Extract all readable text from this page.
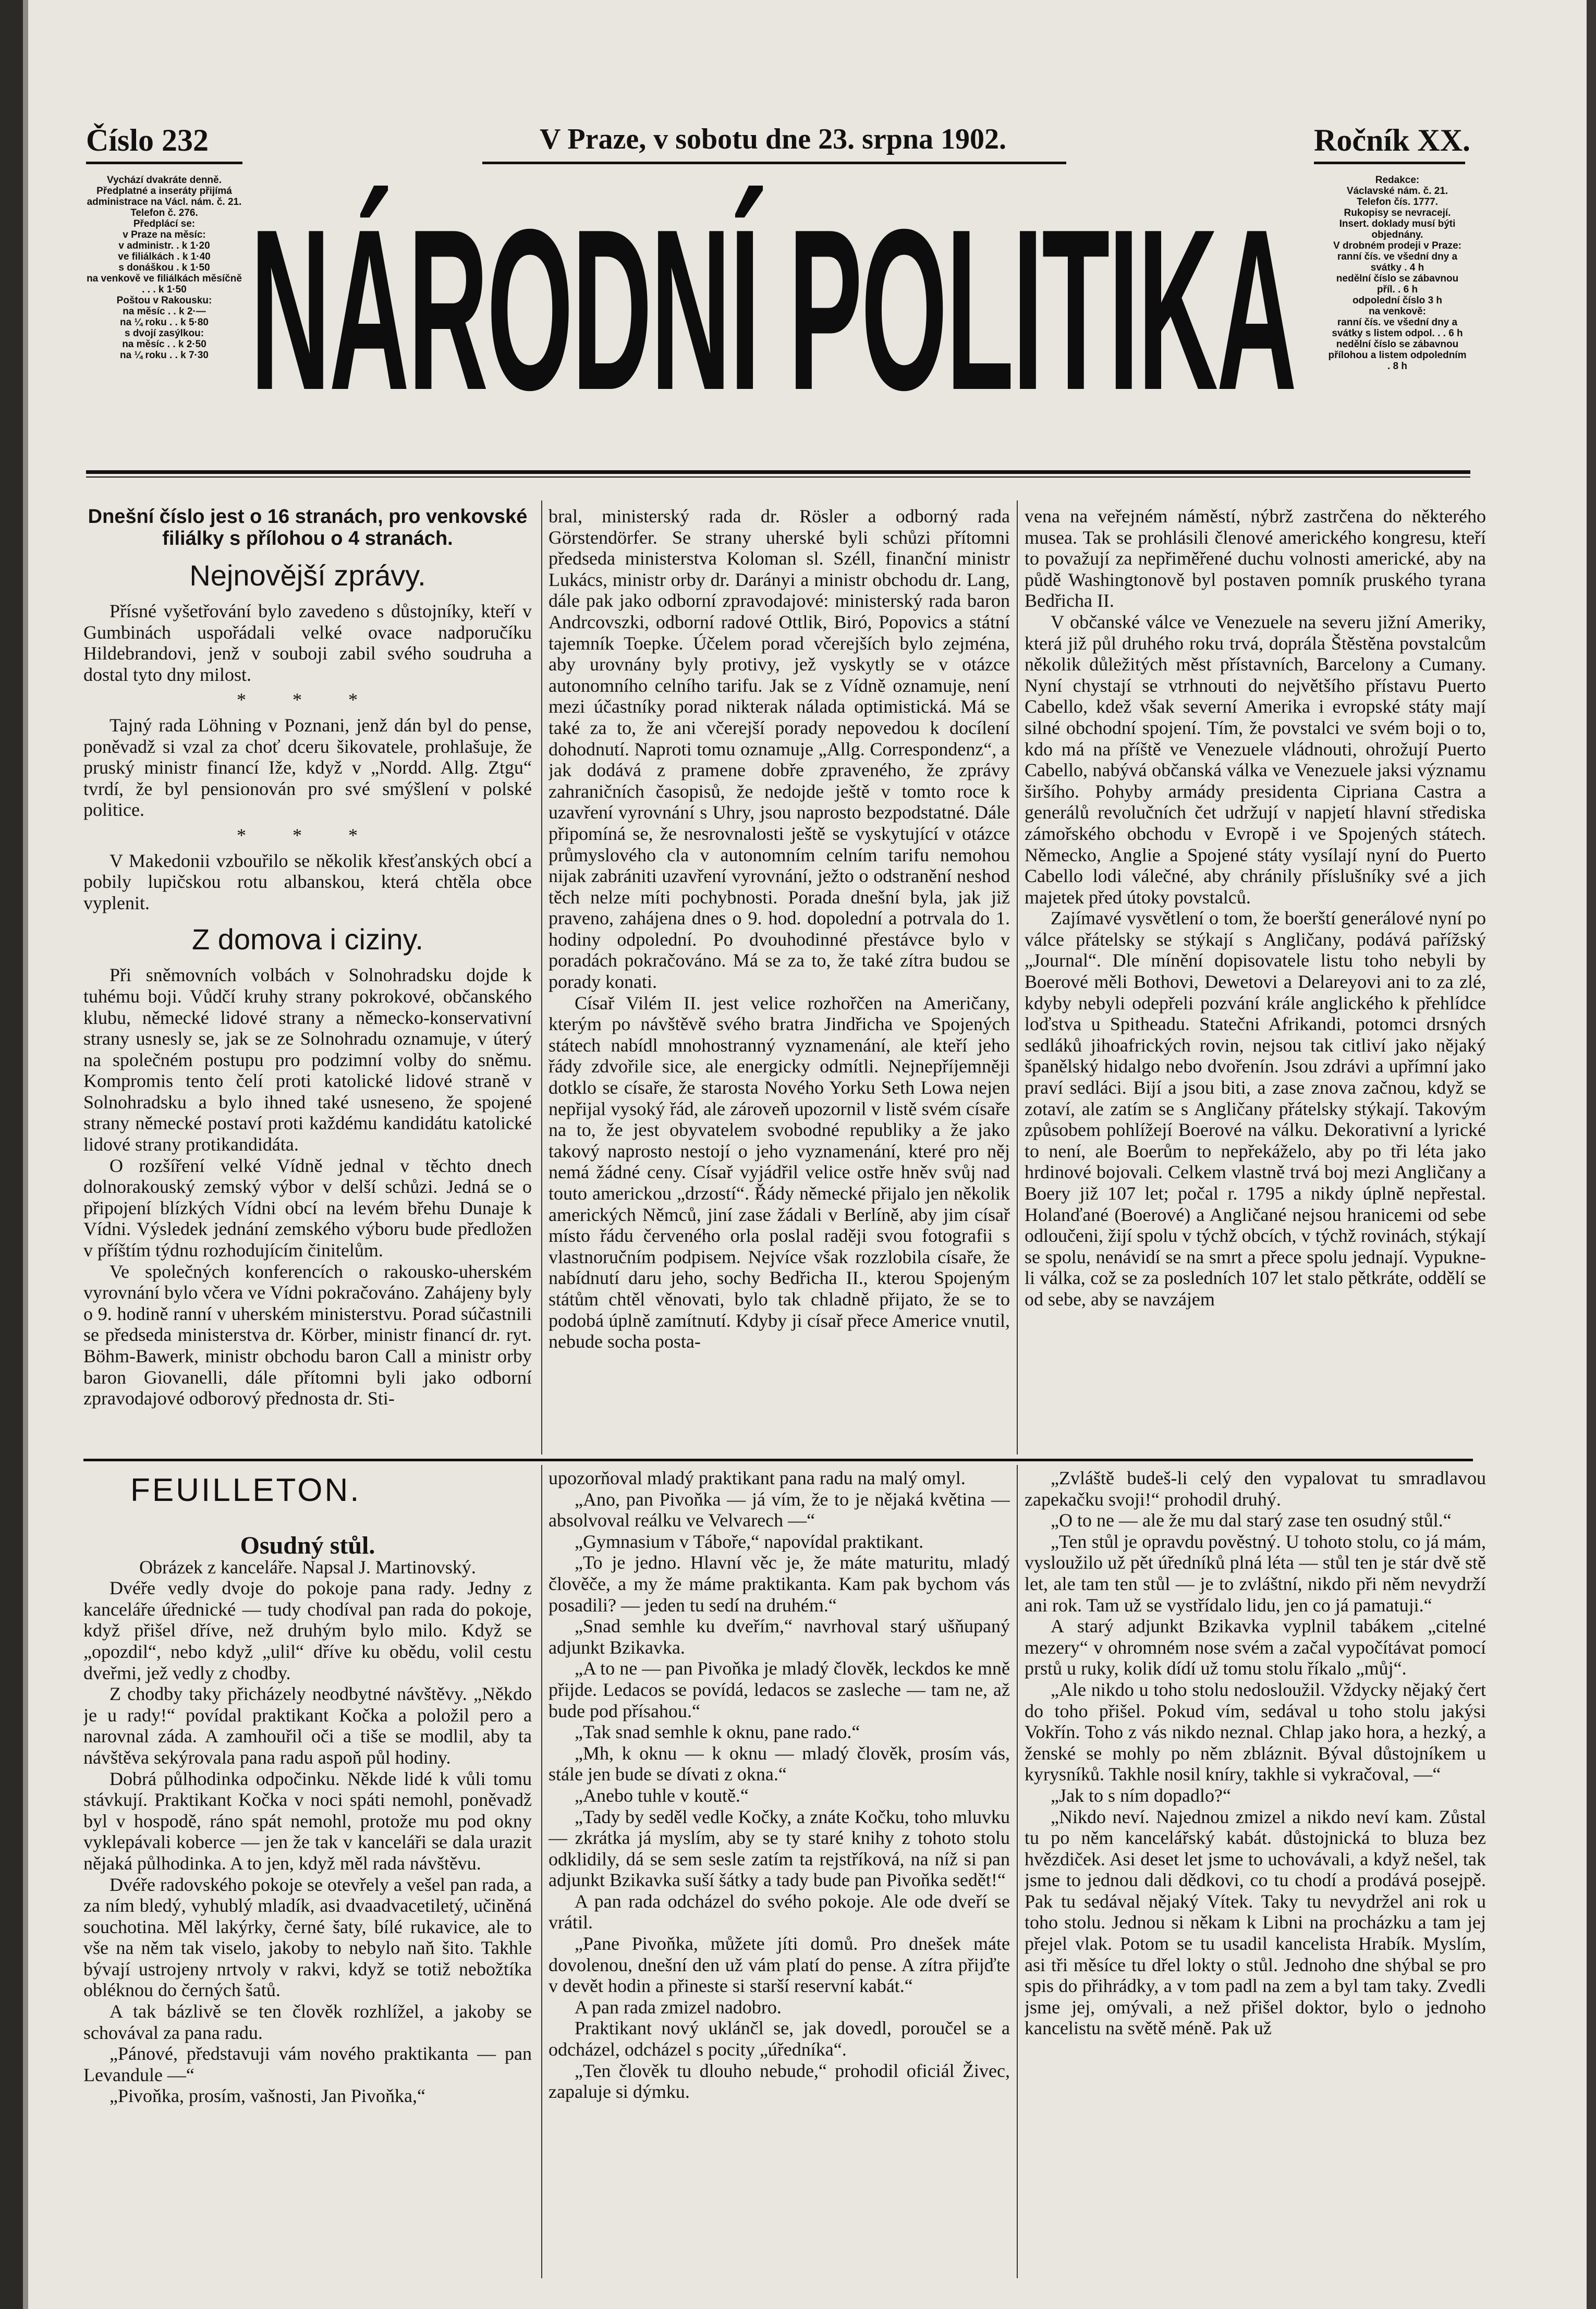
Číslo 232	V Praze, v sobotu dne 23. srpna 1902.	Ročník XX.

Vychází dvakráte denně.

Předplatné a inseráty přijímá administrace na Václ. nám. č. 21. Telefon č. 276.

Předplácí se:

v Praze na měsíc:

v administr. . k 1·20

ve filiálkách . k 1·40

s donáškou . k 1·50

na venkově ve filiálkách měsíčně . . . k 1·50

Poštou v Rakousku:

na měsíc . . k 2·—

na ¼ roku . . k 5·80

s dvojí zasýlkou:

na měsíc . . k 2·50

na ¼ roku . . k 7·30 NÁRODNÍ POLITIKA

Redakce:

Václavské nám. č. 21.

Telefon čís. 1777.

Rukopisy se nevracejí.

Insert. doklady musí býti objednány.

V drobném prodeji v Praze:

ranní čís. ve všední dny a svátky . 4 h

nedělní číslo se zábavnou příl. . 6 h

odpolední číslo 3 h

na venkově:

ranní čís. ve všední dny a svátky s listem odpol. . . 6 h

nedělní číslo se zábavnou přílohou a listem odpoledním . 8 h

Dnešní číslo jest o 16 stranách, pro venkovské filiálky s přílohou o 4 stranách.

Nejnovější zprávy.

Přísné vyšetřování bylo zavedeno s důstojníky, kteří v Gumbinách uspořádali velké ovace nadporučíku Hildebrandovi, jenž v souboji zabil svého soudruha a dostal tyto dny milost.

* * *

Tajný rada Löhning v Poznani, jenž dán byl do pense, poněvadž si vzal za choť dceru šikovatele, prohlašuje, že pruský ministr financí Iže, když v „Nordd. Allg. Ztgu“ tvrdí, že byl pensionován pro své smýšlení v polské politice.

* * *

V Makedonii vzbouřilo se několik křesťanských obcí a pobily lupičskou rotu albanskou, která chtěla obce vyplenit.

Z domova i ciziny.

Při sněmovních volbách v Solnohradsku dojde k tuhému boji. Vůdčí kruhy strany pokrokové, občanského klubu, německé lidové strany a německo-konservativní strany usnesly se, jak se ze Solnohradu oznamuje, v úterý na společném postupu pro podzimní volby do sněmu. Kompromis tento čelí proti katolické lidové straně v Solnohradsku a bylo ihned také usneseno, že spojené strany německé postaví proti každému kandidátu katolické lidové strany protikandidáta.

O rozšíření velké Vídně jednal v těchto dnech dolnorakouský zemský výbor v delší schůzi. Jedná se o připojení blízkých Vídni obcí na levém břehu Dunaje k Vídni. Výsledek jednání zemského výboru bude předložen v příštím týdnu rozhodujícím činitelům.

Ve společných konferencích o rakousko-uherském vyrovnání bylo včera ve Vídni pokračováno. Zahájeny byly o 9. hodině ranní v uherském ministerstvu. Porad súčastnili se předseda ministerstva dr. Körber, ministr financí dr. ryt. Böhm-Bawerk, ministr obchodu baron Call a ministr orby baron Giovanelli, dále přítomni byli jako odborní zpravodajové odborový přednosta dr. Sti-

bral, ministerský rada dr. Rösler a odborný rada Görstendörfer. Se strany uherské byli schůzi přítomni předseda ministerstva Koloman sl. Széll, finanční ministr Lukács, ministr orby dr. Darányi a ministr obchodu dr. Lang, dále pak jako odborní zpravodajové: ministerský rada baron Andrcovszki, odborní radové Ottlik, Biró, Popovics a státní tajemník Toepke. Účelem porad včerejších bylo zejména, aby urovnány byly protivy, jež vyskytly se v otázce autonomního celního tarifu. Jak se z Vídně oznamuje, není mezi účastníky porad nikterak nálada optimistická. Má se také za to, že ani včerejší porady nepovedou k docílení dohodnutí. Naproti tomu oznamuje „Allg. Correspondenz“, a jak dodává z pramene dobře zpraveného, že zprávy zahraničních časopisů, že nedojde ještě v tomto roce k uzavření vyrovnání s Uhry, jsou naprosto bezpodstatné. Dále připomíná se, že nesrovnalosti ještě se vyskytující v otázce průmyslového cla v autonomním celním tarifu nemohou nijak zabrániti uzavření vyrovnání, ježto o odstranění neshod těch nelze míti pochybnosti. Porada dnešní byla, jak již praveno, zahájena dnes o 9. hod. dopolední a potrvala do 1. hodiny odpolední. Po dvouhodinné přestávce bylo v poradách pokračováno. Má se za to, že také zítra budou se porady konati.

Císař Vilém II. jest velice rozhořčen na Američany, kterým po návštěvě svého bratra Jindřicha ve Spojených státech nabídl mnohostranný vyznamenání, ale kteří jeho řády zdvořile sice, ale energicky odmítli. Nejnepříjemněji dotklo se císaře, že starosta Nového Yorku Seth Lowa nejen nepřijal vysoký řád, ale zároveň upozornil v listě svém císaře na to, že jest obyvatelem svobodné republiky a že jako takový naprosto nestojí o jeho vyznamenání, které pro něj nemá žádné ceny. Císař vyjádřil velice ostře hněv svůj nad touto americkou „drzostí“. Řády německé přijalo jen několik amerických Němců, jiní zase žádali v Berlíně, aby jim císař místo řádu červeného orla poslal raději svou fotografii s vlastnoručním podpisem. Nejvíce však rozzlobila císaře, že nabídnutí daru jeho, sochy Bedřicha II., kterou Spojeným státům chtěl věnovati, bylo tak chladně přijato, že se to podobá úplně zamítnutí. Kdyby ji císař přece Americe vnutil, nebude socha posta-

vena na veřejném náměstí, nýbrž zastrčena do některého musea. Tak se prohlásili členové amerického kongresu, kteří to považují za nepřiměřené duchu volnosti americké, aby na půdě Washingtonově byl postaven pomník pruského tyrana Bedřicha II.

V občanské válce ve Venezuele na severu jižní Ameriky, která již půl druhého roku trvá, doprála Štěstěna povstalcům několik důležitých měst přístavních, Barcelony a Cumany. Nyní chystají se vtrhnouti do největšího přístavu Puerto Cabello, kdež však severní Amerika i evropské státy mají silné obchodní spojení. Tím, že povstalci ve svém boji o to, kdo má na příště ve Venezuele vládnouti, ohrožují Puerto Cabello, nabývá občanská válka ve Venezuele jaksi významu širšího. Pohyby armády presidenta Cipriana Castra a generálů revolučních čet udržují v napjetí hlavní střediska zámořského obchodu v Evropě i ve Spojených státech. Německo, Anglie a Spojené státy vysílají nyní do Puerto Cabello lodi válečné, aby chránily příslušníky své a jich majetek před útoky povstalců.

Zajímavé vysvětlení o tom, že boerští generálové nyní po válce přátelsky se stýkají s Angličany, podává pařížský „Journal“. Dle mínění dopisovatele listu toho nebyli by Boerové měli Bothovi, Dewetovi a Delareyovi ani to za zlé, kdyby nebyli odepřeli pozvání krále anglického k přehlídce loďstva u Spitheadu. Statečni Afrikandi, potomci drsných sedláků jihoafrických rovin, nejsou tak citliví jako nějaký španělský hidalgo nebo dvořenín. Jsou zdrávi a upřímní jako praví sedláci. Bijí a jsou biti, a zase znova začnou, když se zotaví, ale zatím se s Angličany přátelsky stýkají. Takovým způsobem pohlížejí Boerové na válku. Dekorativní a lyrické to není, ale Boerům to nepřekáželo, aby po tři léta jako hrdinové bojovali. Celkem vlastně trvá boj mezi Angličany a Boery již 107 let; počal r. 1795 a nikdy úplně nepřestal. Holanďané (Boerové) a Angličané nejsou hranicemi od sebe odloučeni, žijí spolu v týchž obcích, v týchž rovinách, stýkají se spolu, nenávidí se na smrt a přece spolu jednají. Vypukne-li válka, což se za posledních 107 let stalo pětkráte, oddělí se od sebe, aby se navzájem

FEUILLETON.

Osudný stůl.

Obrázek z kanceláře. Napsal J. Martinovský.

Dvéře vedly dvoje do pokoje pana rady. Jedny z kanceláře úřednické — tudy chodíval pan rada do pokoje, když přišel dříve, než druhým bylo milo. Když se „opozdil“, nebo když „ulil“ dříve ku obědu, volil cestu dveřmi, jež vedly z chodby.

Z chodby taky přicházely neodbytné návštěvy. „Někdo je u rady!“ povídal praktikant Kočka a položil pero a narovnal záda. A zamhouřil oči a tiše se modlil, aby ta návštěva sekýrovala pana radu aspoň půl hodiny.

Dobrá půlhodinka odpočinku. Někde lidé k vůli tomu stávkují. Praktikant Kočka v noci spáti nemohl, poněvadž byl v hospodě, ráno spát nemohl, protože mu pod okny vyklepávali koberce — jen že tak v kanceláři se dala urazit nějaká půlhodinka. A to jen, když měl rada návštěvu.

Dvéře radovského pokoje se otevřely a vešel pan rada, a za ním bledý, vyhublý mladík, asi dvaadvacetiletý, učiněná souchotina. Měl lakýrky, černé šaty, bílé rukavice, ale to vše na něm tak viselo, jakoby to nebylo naň šito. Takhle bývají ustrojeny nrtvoly v rakvi, když se totiž nebožtíka obléknou do černých šatů.

A tak bázlivě se ten člověk rozhlížel, a jakoby se schovával za pana radu.

„Pánové, představuji vám nového praktikanta — pan Levandule —“

„Pivoňka, prosím, vašnosti, Jan Pivoňka,“

upozorňoval mladý praktikant pana radu na malý omyl.

„Ano, pan Pivoňka — já vím, že to je nějaká květina — absolvoval reálku ve Velvarech —“

„Gymnasium v Táboře,“ napovídal praktikant.

„To je jedno. Hlavní věc je, že máte maturitu, mladý člověče, a my že máme praktikanta. Kam pak bychom vás posadili? — jeden tu sedí na druhém.“

„Snad semhle ku dveřím,“ navrhoval starý ušňupaný adjunkt Bzikavka.

„A to ne — pan Pivoňka je mladý člověk, leckdos ke mně přijde. Ledacos se povídá, ledacos se zasleche — tam ne, až bude pod přísahou.“

„Tak snad semhle k oknu, pane rado.“

„Mh, k oknu — k oknu — mladý člověk, prosím vás, stále jen bude se dívati z okna.“

„Anebo tuhle v koutě.“

„Tady by seděl vedle Kočky, a znáte Kočku, toho mluvku — zkrátka já myslím, aby se ty staré knihy z tohoto stolu odklidily, dá se sem sesle zatím ta rejstříková, na níž si pan adjunkt Bzikavka suší šátky a tady bude pan Pivoňka sedět!“

A pan rada odcházel do svého pokoje. Ale ode dveří se vrátil.

„Pane Pivoňka, můžete jíti domů. Pro dnešek máte dovolenou, dnešní den už vám platí do pense. A zítra přijďte v devět hodin a přineste si starší reservní kabát.“

A pan rada zmizel nadobro.

Praktikant nový uklánčl se, jak dovedl, poroučel se a odcházel, odcházel s pocity „úředníka“.

„Ten člověk tu dlouho nebude,“ prohodil oficiál Živec, zapaluje si dýmku.

„Zvláště budeš-li celý den vypalovat tu smradlavou zapekačku svoji!“ prohodil druhý.

„O to ne — ale že mu dal starý zase ten osudný stůl.“

„Ten stůl je opravdu pověstný. U tohoto stolu, co já mám, vysloužilo už pět úředníků plná léta — stůl ten je stár dvě stě let, ale tam ten stůl — je to zvláštní, nikdo při něm nevydrží ani rok. Tam už se vystřídalo lidu, jen co já pamatuji.“

A starý adjunkt Bzikavka vyplnil tabákem „citelné mezery“ v ohromném nose svém a začal vypočítávat pomocí prstů u ruky, kolik dídí už tomu stolu říkalo „můj“.

„Ale nikdo u toho stolu nedosloužil. Vždycky nějaký čert do toho přišel. Pokud vím, sedával u toho stolu jakýsi Vokřín. Toho z vás nikdo neznal. Chlap jako hora, a hezký, a ženské se mohly po něm zbláznit. Býval důstojníkem u kyrysníků. Takhle nosil kníry, takhle si vykračoval, —“

„Jak to s ním dopadlo?“

„Nikdo neví. Najednou zmizel a nikdo neví kam. Zůstal tu po něm kancelářský kabát. důstojnická to bluza bez hvězdiček. Asi deset let jsme to uchovávali, a když nešel, tak jsme to jednou dali dědkovi, co tu chodí a prodává posejpě. Pak tu sedával nějaký Vítek. Taky tu nevydržel ani rok u toho stolu. Jednou si někam k Libni na procházku a tam jej přejel vlak. Potom se tu usadil kancelista Hrabík. Myslím, asi tři měsíce tu dřel lokty o stůl. Jednoho dne shýbal se pro spis do přihrádky, a v tom padl na zem a byl tam taky. Zvedli jsme jej, omývali, a než přišel doktor, bylo o jednoho kancelistu na světě méně. Pak už
